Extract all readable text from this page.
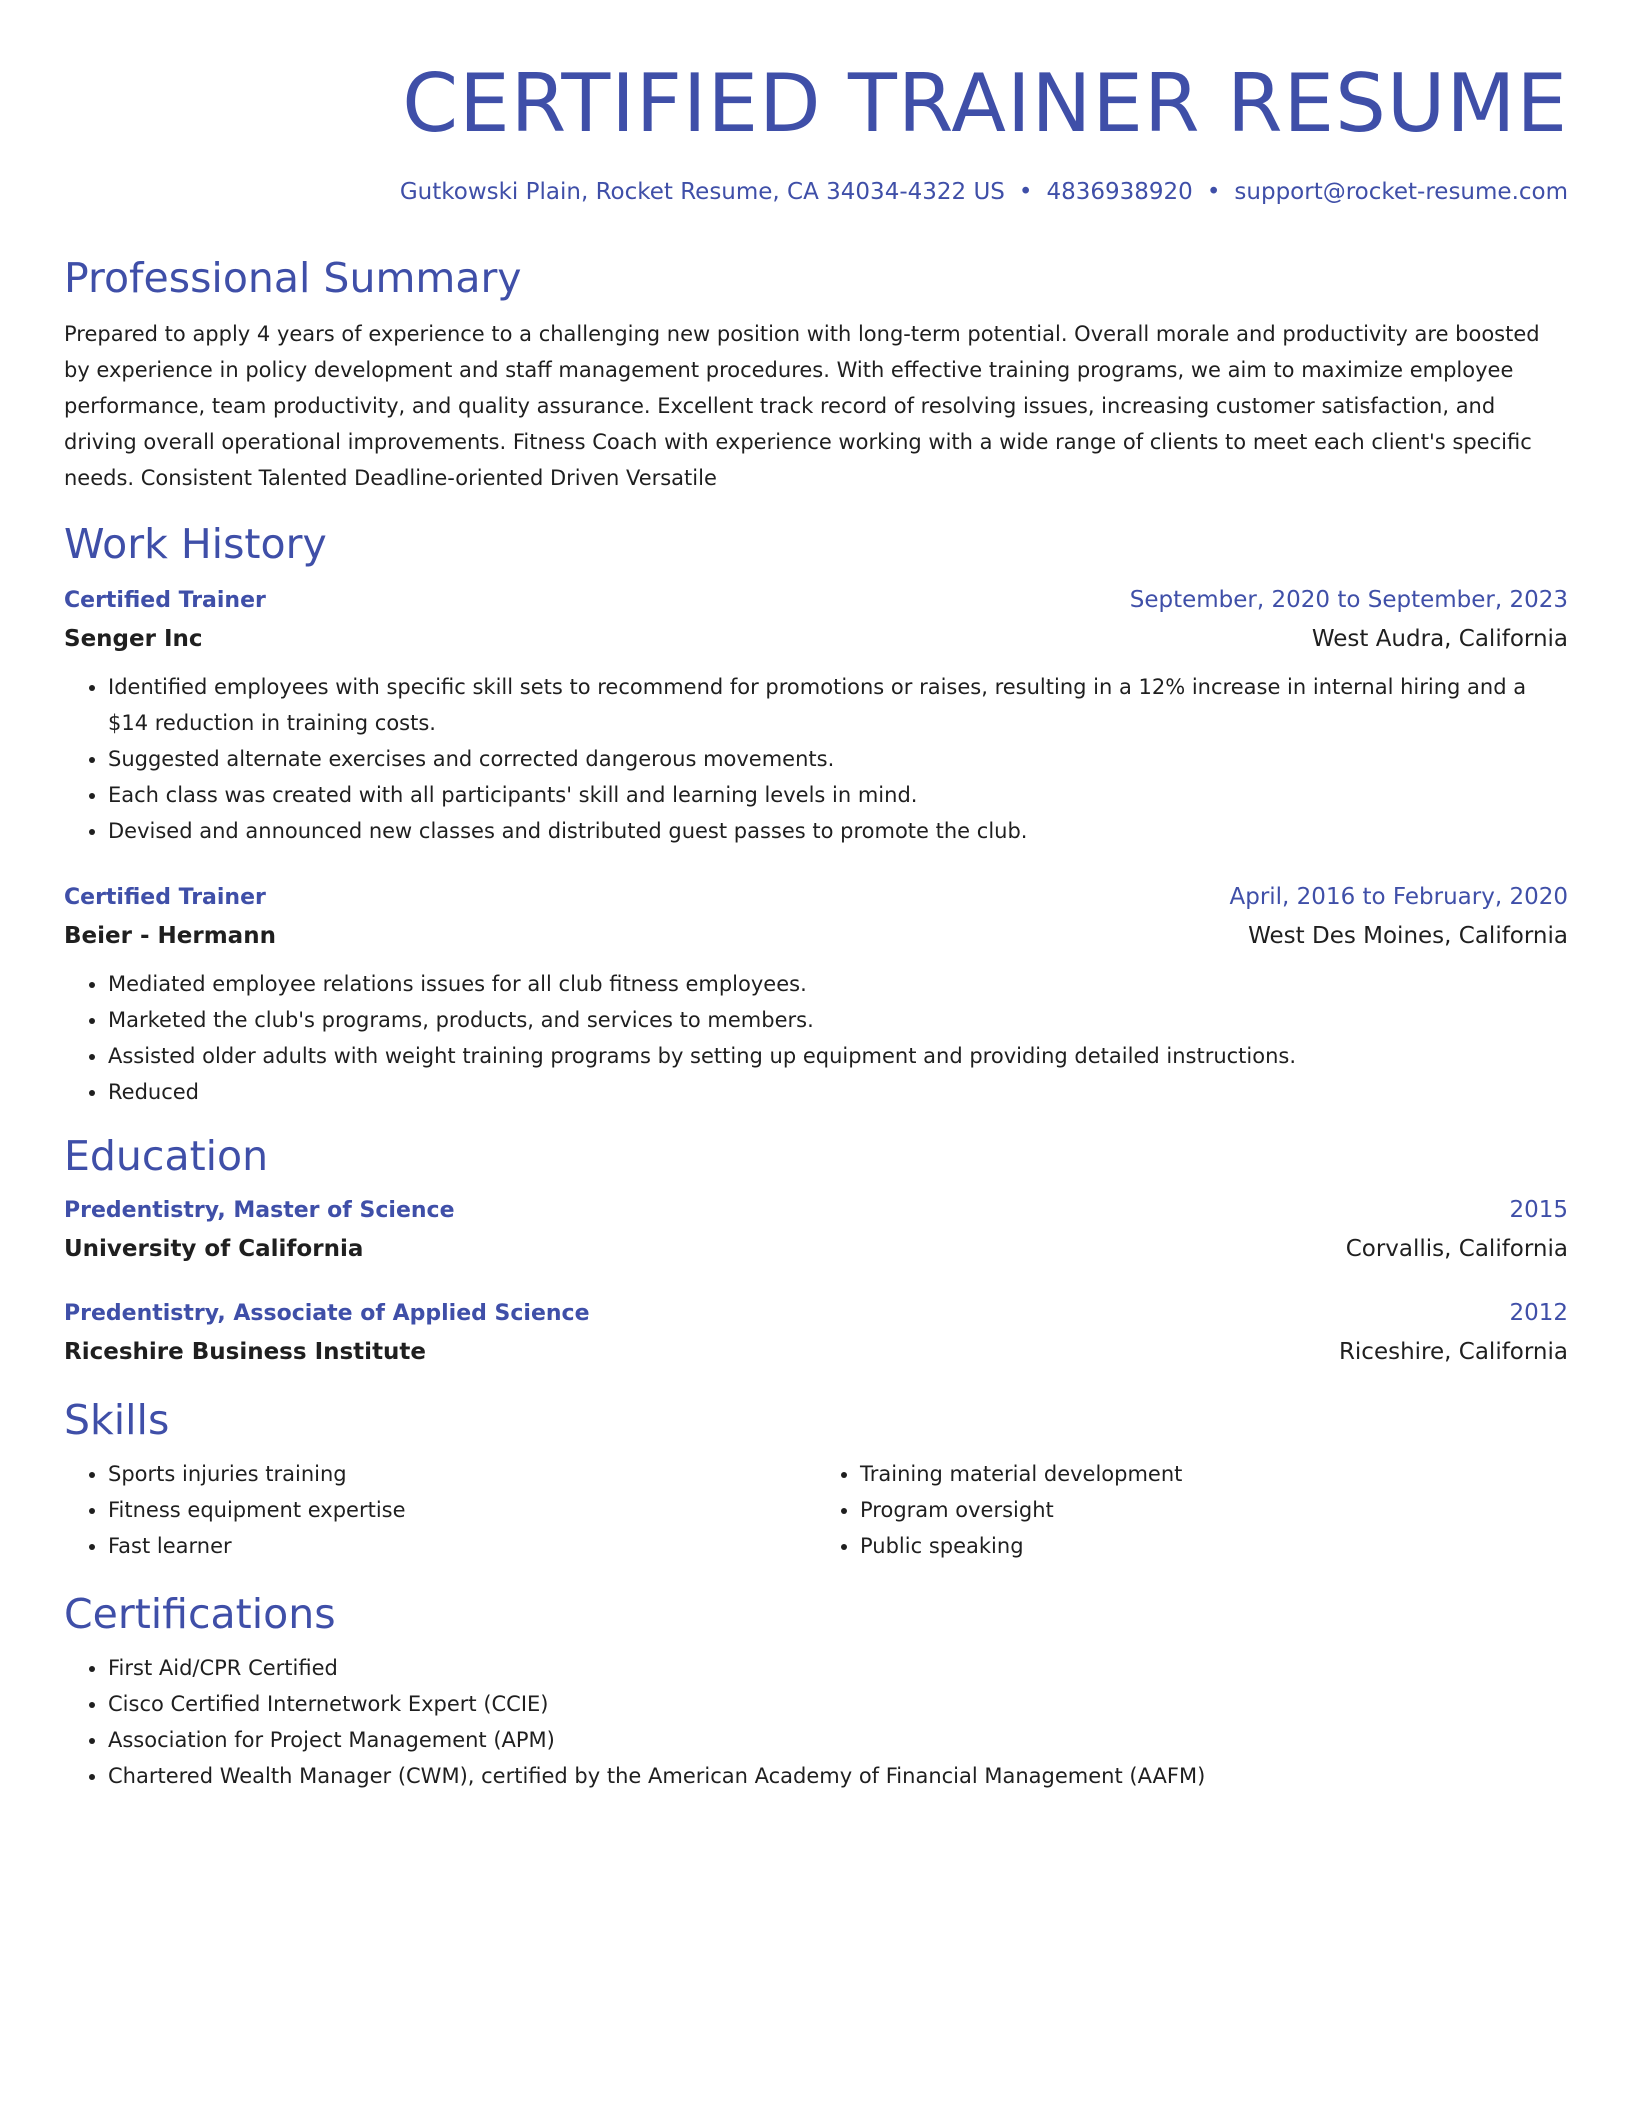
CERTIFIED TRAINER RESUME
Gutkowski Plain, Rocket Resume, CA 34034-4322 US • 4836938920 • support@rocket-resume.com
Professional Summary
Prepared to apply 4 years of experience to a challenging new position with long-term potential. Overall morale and productivity are boosted by experience in policy development and staff management procedures. With effective training programs, we aim to maximize employee performance, team productivity, and quality assurance. Excellent track record of resolving issues, increasing customer satisfaction, and driving overall operational improvements. Fitness Coach with experience working with a wide range of clients to meet each client's specific needs. Consistent Talented Deadline-oriented Driven Versatile
Work History
Certified Trainer	September, 2020 to September, 2023
Senger Inc	West Audra, California
• Identified employees with specific skill sets to recommend for promotions or raises, resulting in a 12% increase in internal hiring and a $14 reduction in training costs.
• Suggested alternate exercises and corrected dangerous movements.
• Each class was created with all participants' skill and learning levels in mind.
• Devised and announced new classes and distributed guest passes to promote the club.
Certified Trainer	April, 2016 to February, 2020
Beier - Hermann	West Des Moines, California
• Mediated employee relations issues for all club fitness employees.
• Marketed the club's programs, products, and services to members.
• Assisted older adults with weight training programs by setting up equipment and providing detailed instructions.
• Reduced
Education
Predentistry, Master of Science	2015
University of California	Corvallis, California
Predentistry, Associate of Applied Science	2012
Riceshire Business Institute	Riceshire, California
Skills
• Sports injuries training
• Fitness equipment expertise
• Fast learner
• Training material development
• Program oversight
• Public speaking
Certifications
• First Aid/CPR Certified
• Cisco Certified Internetwork Expert (CCIE)
• Association for Project Management (APM)
• Chartered Wealth Manager (CWM), certified by the American Academy of Financial Management (AAFM)
